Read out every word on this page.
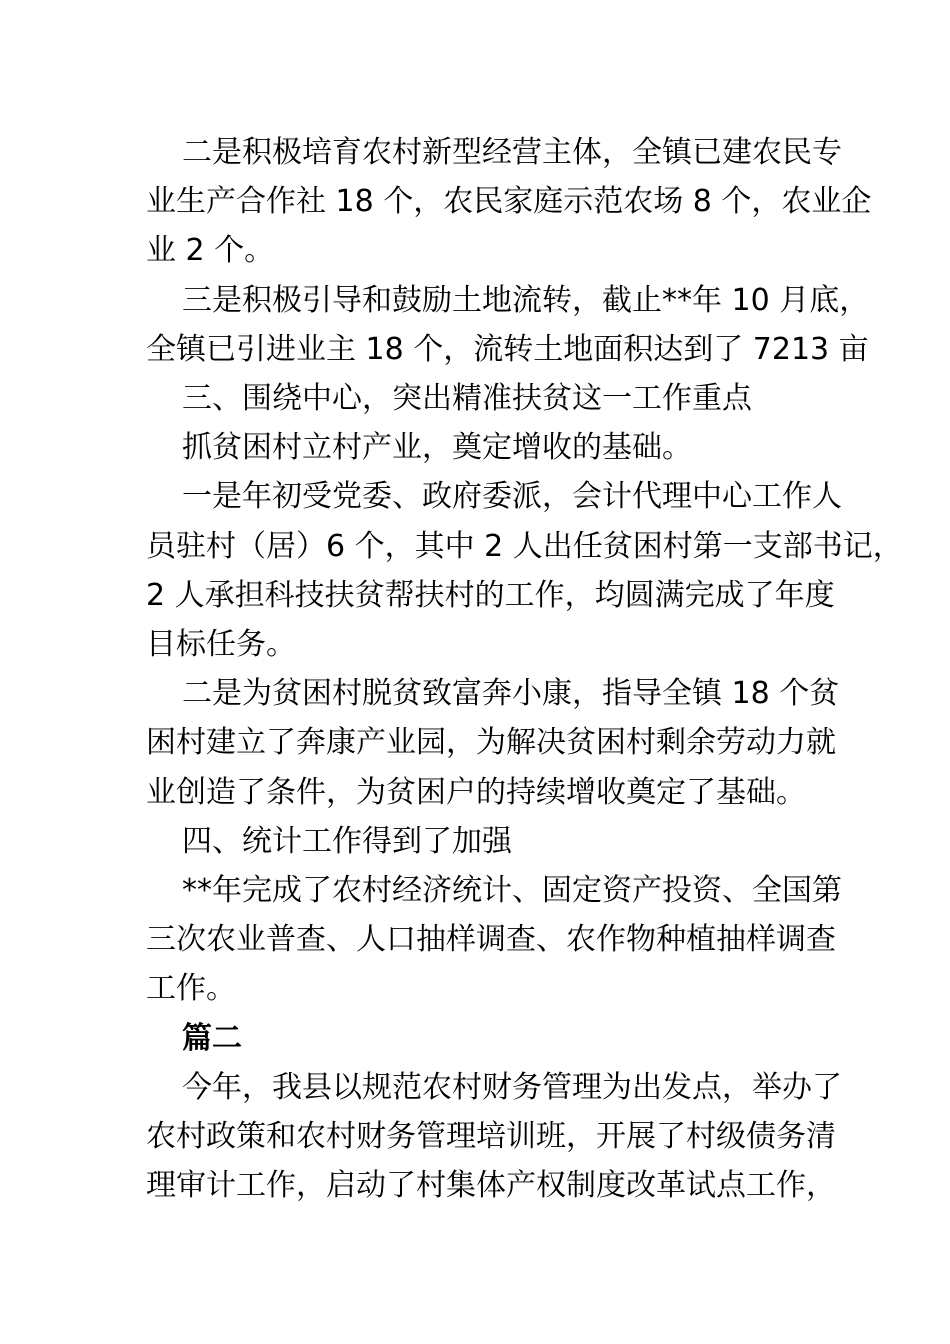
二是积极培育农村新型经营主体，全镇已建农民专
业生产合作社 18 个，农民家庭示范农场 8 个，农业企
业 2 个。

三是积极引导和鼓励土地流转，截止**年 10 月底，
全镇已引进业主 18 个，流转土地面积达到了 7213 亩

三、围绕中心，突出精准扶贫这一工作重点

抓贫困村立村产业，奠定增收的基础。

一是年初受党委、政府委派，会计代理中心工作人
员驻村（居）6 个，其中 2 人出任贫困村第一支部书记，
2 人承担科技扶贫帮扶村的工作，均圆满完成了年度
目标任务。

二是为贫困村脱贫致富奔小康，指导全镇 18 个贫
困村建立了奔康产业园，为解决贫困村剩余劳动力就
业创造了条件，为贫困户的持续增收奠定了基础。

四、统计工作得到了加强

**年完成了农村经济统计、固定资产投资、全国第
三次农业普查、人口抽样调查、农作物种植抽样调查
工作。

篇二

今年，我县以规范农村财务管理为出发点，举办了
农村政策和农村财务管理培训班，开展了村级债务清
理审计工作，启动了村集体产权制度改革试点工作，
